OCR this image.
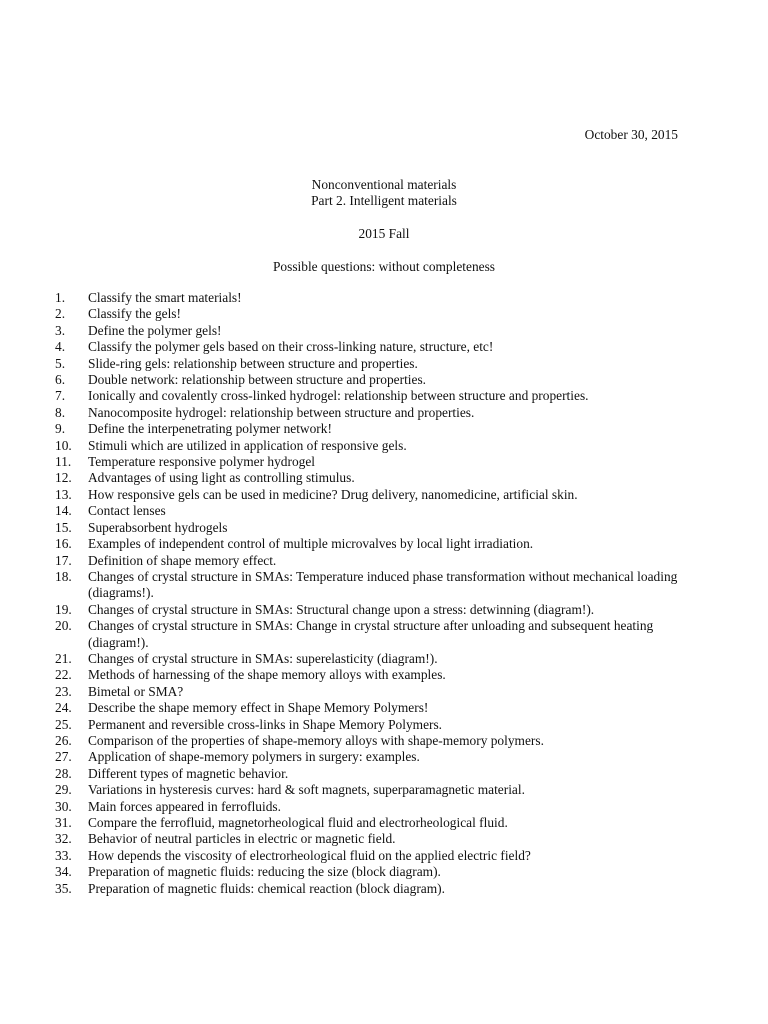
October 30, 2015
Nonconventional materials
Part 2. Intelligent materials
2015 Fall
Possible questions: without completeness
1.	Classify the smart materials!
2.	Classify the gels!
3.	Define the polymer gels!
4.	Classify the polymer gels based on their cross-linking nature, structure, etc!
5.	Slide-ring gels: relationship between structure and properties.
6.	Double network: relationship between structure and properties.
7.	Ionically and covalently cross-linked hydrogel: relationship between structure and properties.
8.	Nanocomposite hydrogel: relationship between structure and properties.
9.	Define the interpenetrating polymer network!
10.	Stimuli which are utilized in application of responsive gels.
11.	Temperature responsive polymer hydrogel
12.	Advantages of using light as controlling stimulus.
13.	How responsive gels can be used in medicine? Drug delivery, nanomedicine, artificial skin.
14.	Contact lenses
15.	Superabsorbent hydrogels
16.	Examples of independent control of multiple microvalves by local light irradiation.
17.	Definition of shape memory effect.
18.	Changes of crystal structure in SMAs: Temperature induced phase transformation without mechanical loading (diagrams!).
19.	Changes of crystal structure in SMAs: Structural change upon a stress: detwinning (diagram!).
20.	Changes of crystal structure in SMAs: Change in crystal structure after unloading and subsequent heating (diagram!).
21.	Changes of crystal structure in SMAs: superelasticity (diagram!).
22.	Methods of harnessing of the shape memory alloys with examples.
23.	Bimetal or SMA?
24.	Describe the shape memory effect in Shape Memory Polymers!
25.	Permanent and reversible cross-links in Shape Memory Polymers.
26.	Comparison of the properties of shape-memory alloys with shape-memory polymers.
27.	Application of shape-memory polymers in surgery: examples.
28.	Different types of magnetic behavior.
29.	Variations in hysteresis curves: hard & soft magnets, superparamagnetic material.
30.	Main forces appeared in ferrofluids.
31.	Compare the ferrofluid, magnetorheological fluid and electrorheological fluid.
32.	Behavior of neutral particles in electric or magnetic field.
33.	How depends the viscosity of electrorheological fluid on the applied electric field?
34.	Preparation of magnetic fluids: reducing the size (block diagram).
35.	Preparation of magnetic fluids: chemical reaction (block diagram).
